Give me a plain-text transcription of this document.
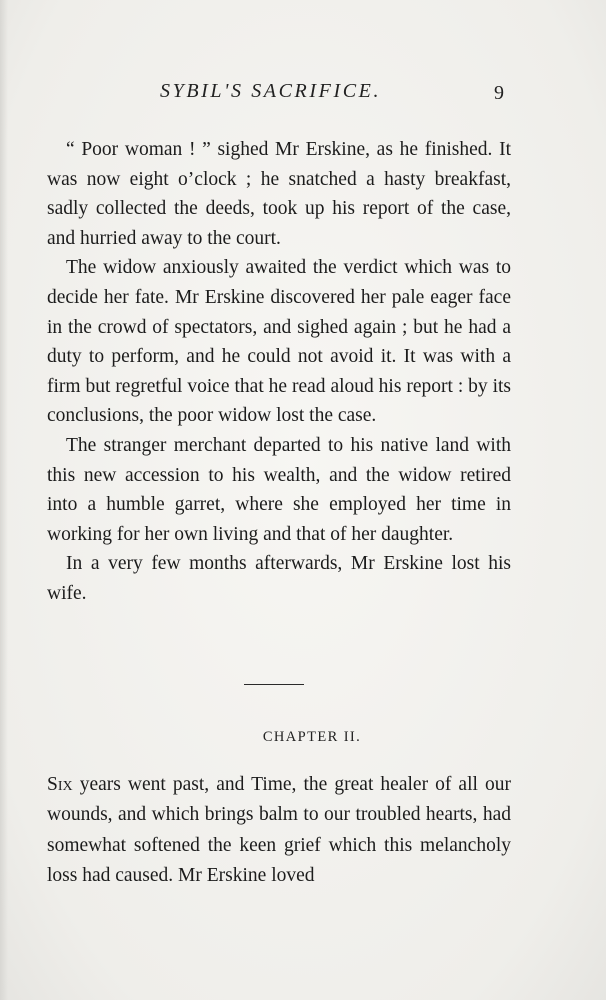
SYBIL'S SACRIFICE.	9

“ Poor woman ! ” sighed Mr Erskine, as he finished. It was now eight o’clock ; he snatched a hasty breakfast, sadly collected the deeds, took up his report of the case, and hurried away to the court.

The widow anxiously awaited the verdict which was to decide her fate. Mr Erskine discovered her pale eager face in the crowd of spectators, and sighed again ; but he had a duty to perform, and he could not avoid it. It was with a firm but regretful voice that he read aloud his report : by its conclusions, the poor widow lost the case.

The stranger merchant departed to his native land with this new accession to his wealth, and the widow retired into a humble garret, where she employed her time in working for her own living and that of her daughter.

In a very few months afterwards, Mr Erskine lost his wife.

CHAPTER II.

Six years went past, and Time, the great healer of all our wounds, and which brings balm to our troubled hearts, had somewhat softened the keen grief which this melancholy loss had caused. Mr Erskine loved
